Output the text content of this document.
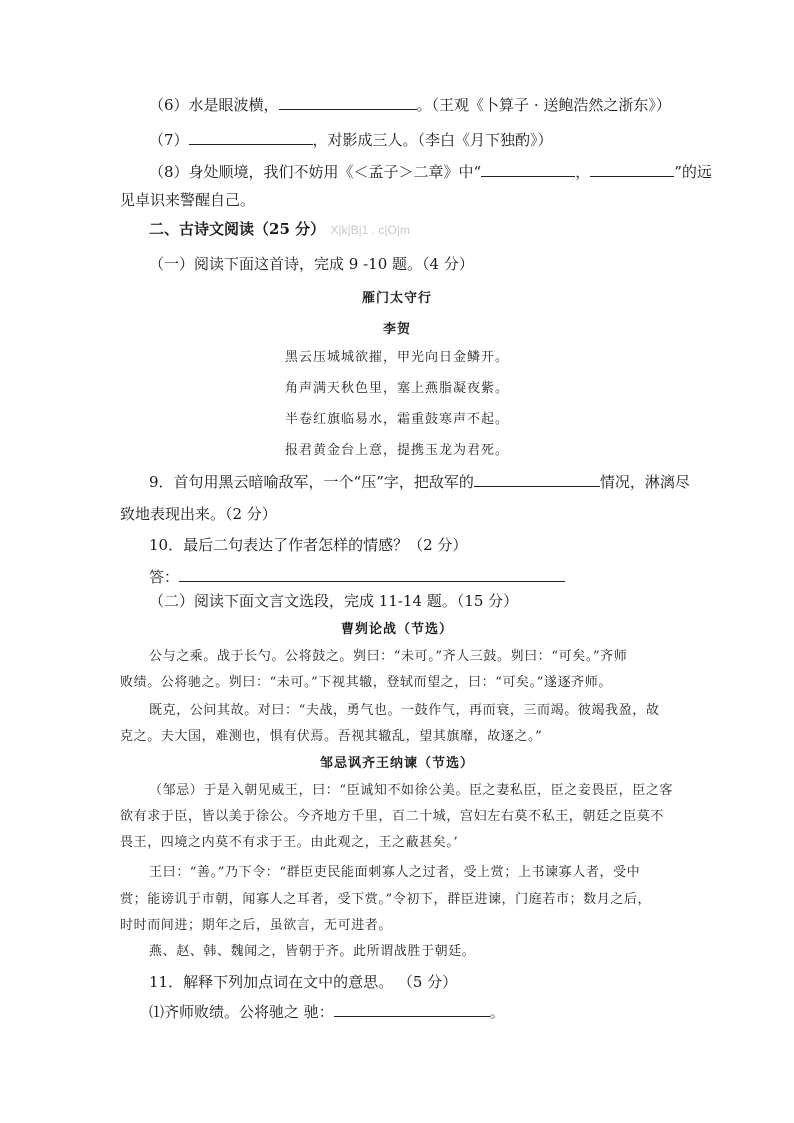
（6）水是眼波横，	。（王观《卜算子 · 送鲍浩然之浙东》）
（7）	，对影成三人。（李白《月下独酌》）
（8）身处顺境，我们不妨用《＜孟子＞二章》中“	，	”的远
见卓识来警醒自己。
二、古诗文阅读（25 分） X|k|B|1 . c|O|m
（一）阅读下面这首诗，完成 9 -10 题。（4 分）
雁门太守行
李贺
黑云压城城欲摧，甲光向日金鳞开。
角声满天秋色里，塞上燕脂凝夜紫。
半卷红旗临易水，霜重鼓寒声不起。
报君黄金台上意，提携玉龙为君死。
9．首句用黑云暗喻敌军，一个“压”字，把敌军的	情况，淋漓尽
致地表现出来。（2 分）
10．最后二句表达了作者怎样的情感？（2 分）
答：
（二）阅读下面文言文选段，完成 11-14 题。（15 分）
曹刿论战（节选）
公与之乘。战于长勺。公将鼓之。刿曰：“未可。”齐人三鼓。刿曰：“可矣。”齐师
败绩。公将驰之。刿曰：“未可。”下视其辙，登轼而望之，曰：“可矣。”遂逐齐师。
既克，公问其故。对曰：“夫战，勇气也。一鼓作气，再而衰，三而竭。彼竭我盈，故
克之。夫大国，难测也，惧有伏焉。吾视其辙乱，望其旗靡，故逐之。”
邹忌讽齐王纳谏（节选）
（邹忌）于是入朝见威王，曰：“臣诚知不如徐公美。臣之妻私臣，臣之妾畏臣，臣之客
欲有求于臣，皆以美于徐公。今齐地方千里，百二十城，宫妇左右莫不私王，朝廷之臣莫不
畏王，四境之内莫不有求于王。由此观之，王之蔽甚矣。’
王曰：“善。”乃下令：“群臣吏民能面刺寡人之过者，受上赏；上书谏寡人者，受中
赏；能谤讥于市朝，闻寡人之耳者，受下赏。”令初下，群臣进谏，门庭若市；数月之后，
时时而间进；期年之后，虽欲言，无可进者。
燕、赵、韩、魏闻之，皆朝于齐。此所谓战胜于朝廷。
11．解释下列加点词在文中的意思。 （5 分）
⑴齐师败绩。公将驰之 驰：	。
